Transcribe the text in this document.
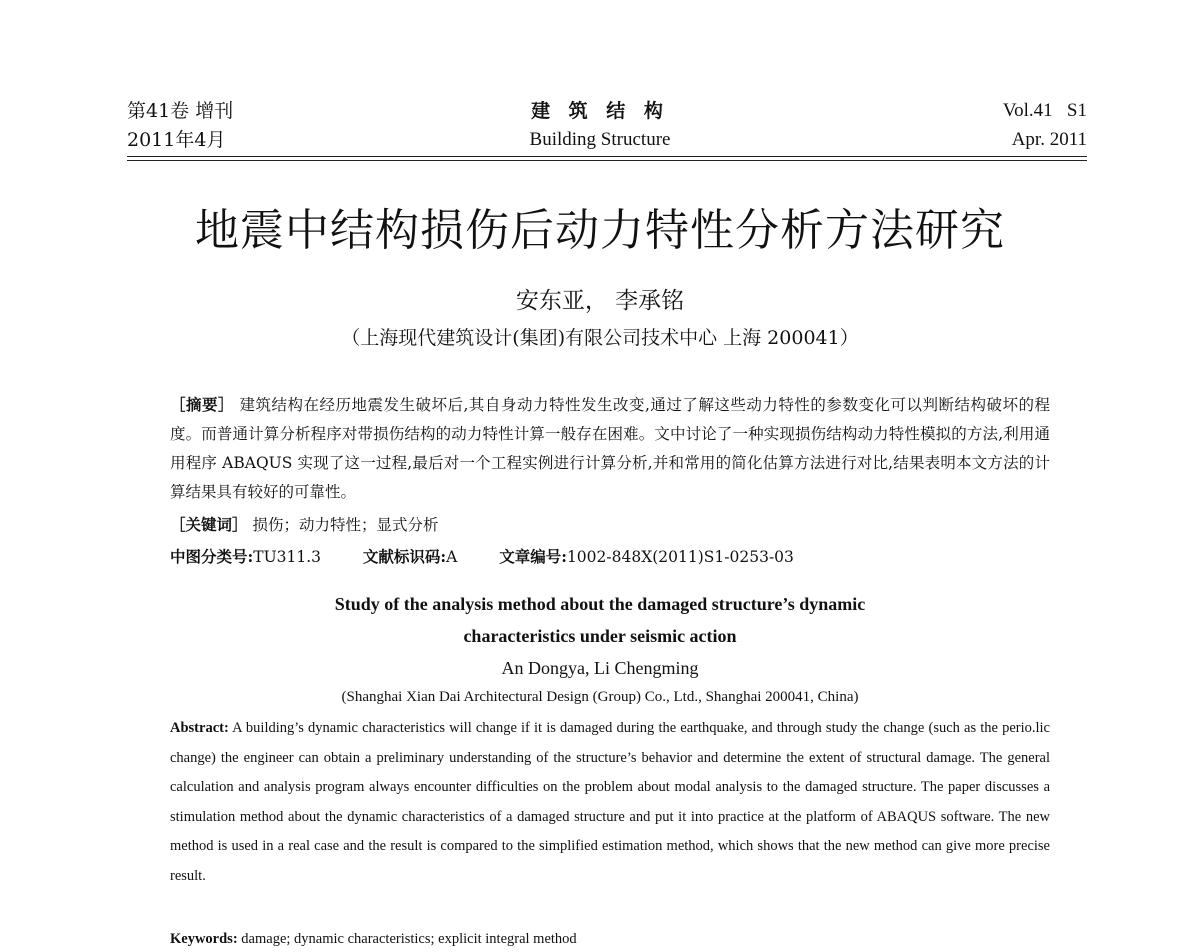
第41卷 增刊
2011年4月
建 筑 结 构
Building Structure
Vol.41   S1
Apr. 2011
地震中结构损伤后动力特性分析方法研究
安东亚， 李承铭
（上海现代建筑设计(集团)有限公司技术中心 上海 200041）
［摘要］ 建筑结构在经历地震发生破坏后,其自身动力特性发生改变,通过了解这些动力特性的参数变化可以判断结构破坏的程度。而普通计算分析程序对带损伤结构的动力特性计算一般存在困难。文中讨论了一种实现损伤结构动力特性模拟的方法,利用通用程序 ABAQUS 实现了这一过程,最后对一个工程实例进行计算分析,并和常用的简化估算方法进行对比,结果表明本文方法的计算结果具有较好的可靠性。
［关键词］ 损伤；动力特性；显式分析
中图分类号:TU311.3	文献标识码:A	文章编号:1002-848X(2011)S1-0253-03
Study of the analysis method about the damaged structure’s dynamic
characteristics under seismic action
An Dongya, Li Chengming
(Shanghai Xian Dai Architectural Design (Group) Co., Ltd., Shanghai 200041, China)
Abstract: A building’s dynamic characteristics will change if it is damaged during the earthquake, and through study the change (such as the perio.lic change) the engineer can obtain a preliminary understanding of the structure’s behavior and determine the extent of structural damage. The general calculation and analysis program always encounter difficulties on the problem about modal analysis to the damaged structure. The paper discusses a stimulation method about the dynamic characteristics of a damaged structure and put it into practice at the platform of ABAQUS software. The new method is used in a real case and the result is compared to the simplified estimation method, which shows that the new method can give more precise result.
Keywords: damage; dynamic characteristics; explicit integral method
